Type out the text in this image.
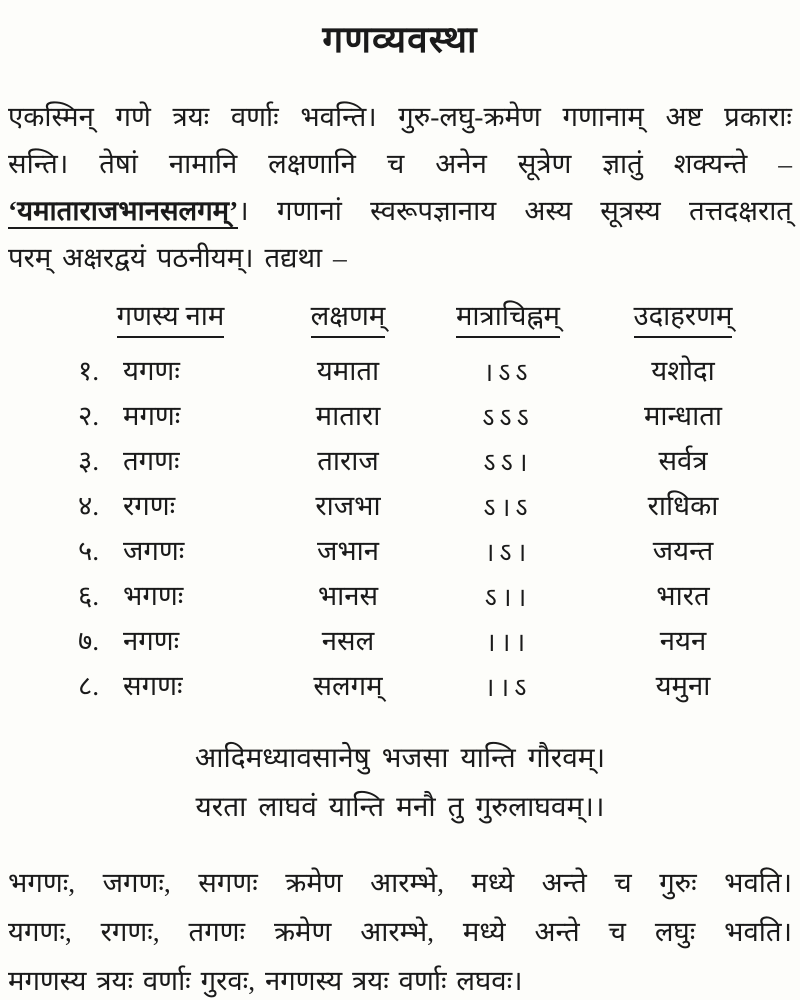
गणव्यवस्था
एकस्मिन् गणे त्रयः वर्णाः भवन्ति। गुरु-लघु-क्रमेण गणानाम् अष्ट प्रकाराः
सन्ति। तेषां नामानि लक्षणानि च अनेन सूत्रेण ज्ञातुं शक्यन्ते –
‘यमाताराजभानसलगम्’। गणानां स्वरूपज्ञानाय अस्य सूत्रस्य तत्तदक्षरात्
परम् अक्षरद्वयं पठनीयम्। तद्यथा –
गणस्य नाम	लक्षणम्	मात्राचिह्नम्	उदाहरणम्
१. यगणः	यमाता	।ऽऽ	यशोदा
२. मगणः	मातारा	ऽऽऽ	मान्धाता
३. तगणः	ताराज	ऽऽ।	सर्वत्र
४. रगणः	राजभा	ऽ।ऽ	राधिका
५. जगणः	जभान	।ऽ।	जयन्त
६. भगणः	भानस	ऽ।।	भारत
७. नगणः	नसल	।।।	नयन
८. सगणः	सलगम्	।।ऽ	यमुना
आदिमध्यावसानेषु भजसा यान्ति गौरवम्।
यरता लाघवं यान्ति मनौ तु गुरुलाघवम्।।
भगणः, जगणः, सगणः क्रमेण आरम्भे, मध्ये अन्ते च गुरुः भवति।
यगणः, रगणः, तगणः क्रमेण आरम्भे, मध्ये अन्ते च लघुः भवति।
मगणस्य त्रयः वर्णाः गुरवः, नगणस्य त्रयः वर्णाः लघवः।
